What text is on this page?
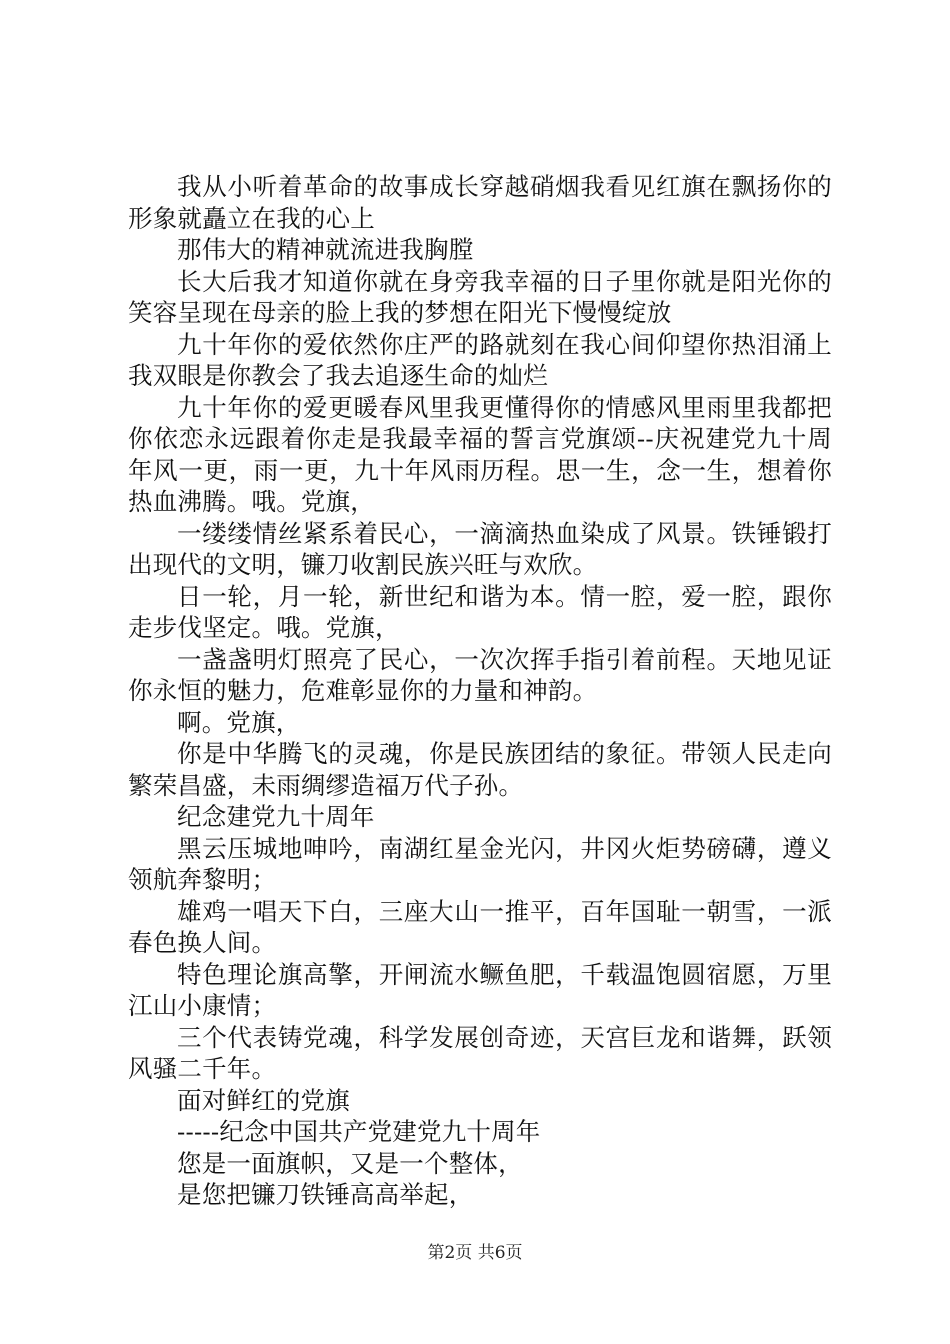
我从小听着革命的故事成长穿越硝烟我看见红旗在飘扬你的形象就矗立在我的心上

那伟大的精神就流进我胸膛

长大后我才知道你就在身旁我幸福的日子里你就是阳光你的笑容呈现在母亲的脸上我的梦想在阳光下慢慢绽放

九十年你的爱依然你庄严的路就刻在我心间仰望你热泪涌上我双眼是你教会了我去追逐生命的灿烂

九十年你的爱更暖春风里我更懂得你的情感风里雨里我都把你依恋永远跟着你走是我最幸福的誓言党旗颂--庆祝建党九十周年风一更，雨一更，九十年风雨历程。思一生，念一生，想着你热血沸腾。哦。党旗，

一缕缕情丝紧系着民心，一滴滴热血染成了风景。铁锤锻打出现代的文明，镰刀收割民族兴旺与欢欣。

日一轮，月一轮，新世纪和谐为本。情一腔，爱一腔，跟你走步伐坚定。哦。党旗，

一盏盏明灯照亮了民心，一次次挥手指引着前程。天地见证你永恒的魅力，危难彰显你的力量和神韵。

啊。党旗，

你是中华腾飞的灵魂，你是民族团结的象征。带领人民走向繁荣昌盛，未雨绸缪造福万代子孙。

纪念建党九十周年

黑云压城地呻吟，南湖红星金光闪，井冈火炬势磅礴，遵义领航奔黎明；

雄鸡一唱天下白，三座大山一推平，百年国耻一朝雪，一派春色换人间。

特色理论旗高擎，开闸流水鳜鱼肥，千载温饱圆宿愿，万里江山小康情；

三个代表铸党魂，科学发展创奇迹，天宫巨龙和谐舞，跃领风骚二千年。

面对鲜红的党旗

-----纪念中国共产党建党九十周年

您是一面旗帜，又是一个整体，

是您把镰刀铁锤高高举起，

第2页 共6页
